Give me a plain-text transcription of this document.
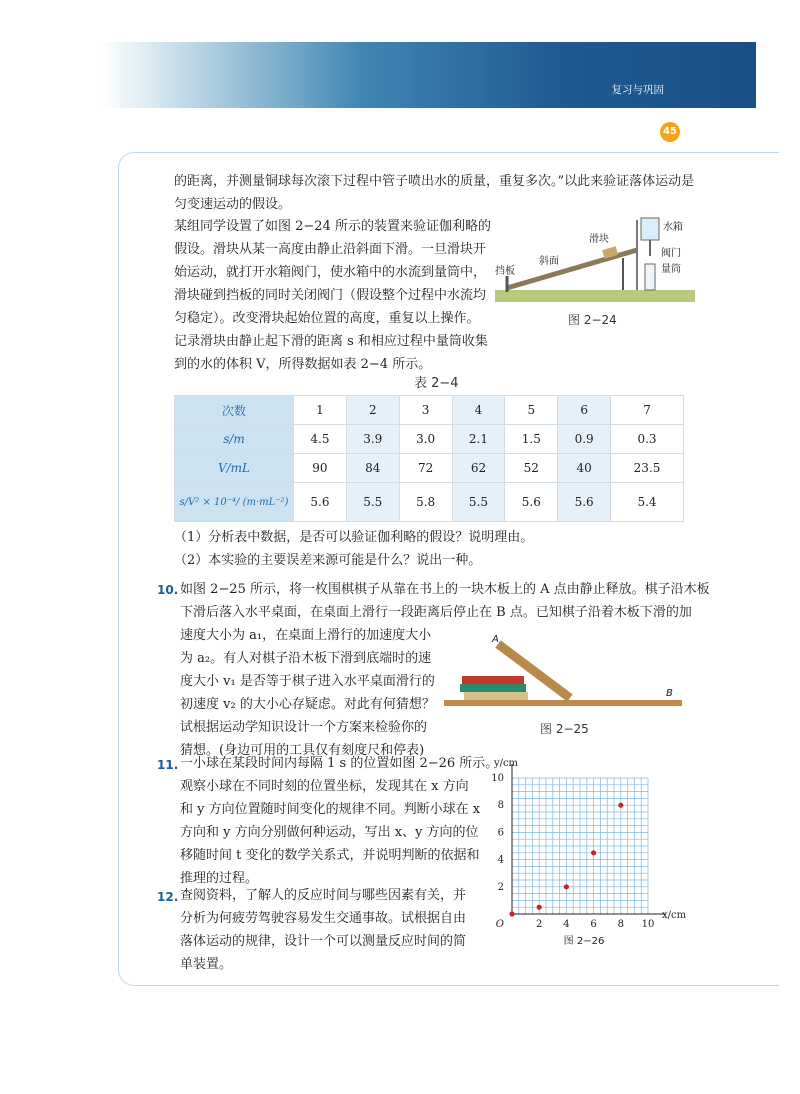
复习与巩固
45

的距离，并测量铜球每次滚下过程中管子喷出水的质量，重复多次。”以此来验证落体运动是

匀变速运动的假设。

某组同学设置了如图 2−24 所示的装置来验证伽利略的

假设。滑块从某一高度由静止沿斜面下滑。一旦滑块开

始运动，就打开水箱阀门，使水箱中的水流到量筒中，

滑块碰到挡板的同时关闭阀门（假设整个过程中水流均

匀稳定）。改变滑块起始位置的高度，重复以上操作。

记录滑块由静止起下滑的距离 s 和相应过程中量筒收集

到的水的体积 V，所得数据如表 2−4 所示。

水箱
阀门
量筒
滑块
斜面
挡板
图 2−24
表 2−4
次数	1	2	3	4	5	6	7
s/m	4.5	3.9	3.0	2.1	1.5	0.9	0.3
V/mL	90	84	72	62	52	40	23.5
s/V² × 10⁻⁴/ (m·mL⁻²)	5.6	5.5	5.8	5.5	5.6	5.6	5.4

（1）分析表中数据，是否可以验证伽利略的假设？说明理由。

（2）本实验的主要误差来源可能是什么？说出一种。

10. 如图 2−25 所示，将一枚围棋棋子从靠在书上的一块木板上的 A 点由静止释放。棋子沿木板

下滑后落入水平桌面，在桌面上滑行一段距离后停止在 B 点。已知棋子沿着木板下滑的加

速度大小为 a₁，在桌面上滑行的加速度大小

为 a₂。有人对棋子沿木板下滑到底端时的速

度大小 v₁ 是否等于棋子进入水平桌面滑行的

初速度 v₂ 的大小心存疑虑。对此有何猜想？

试根据运动学知识设计一个方案来检验你的

猜想。(身边可用的工具仅有刻度尺和停表)

A
B
图 2−25
11. 一小球在某段时间内每隔 1 s 的位置如图 2−26 所示。

观察小球在不同时刻的位置坐标，发现其在 x 方向

和 y 方向位置随时间变化的规律不同。判断小球在 x

方向和 y 方向分别做何种运动，写出 x、y 方向的位

移随时间 t 变化的数学关系式，并说明判断的依据和

推理的过程。

12. 查阅资料，了解人的反应时间与哪些因素有关，并

分析为何疲劳驾驶容易发生交通事故。试根据自由

落体运动的规律，设计一个可以测量反应时间的简

单装置。

2 4 6 8 10
2
4
6
8
10
O
x/cm
y/cm
图 2−26
